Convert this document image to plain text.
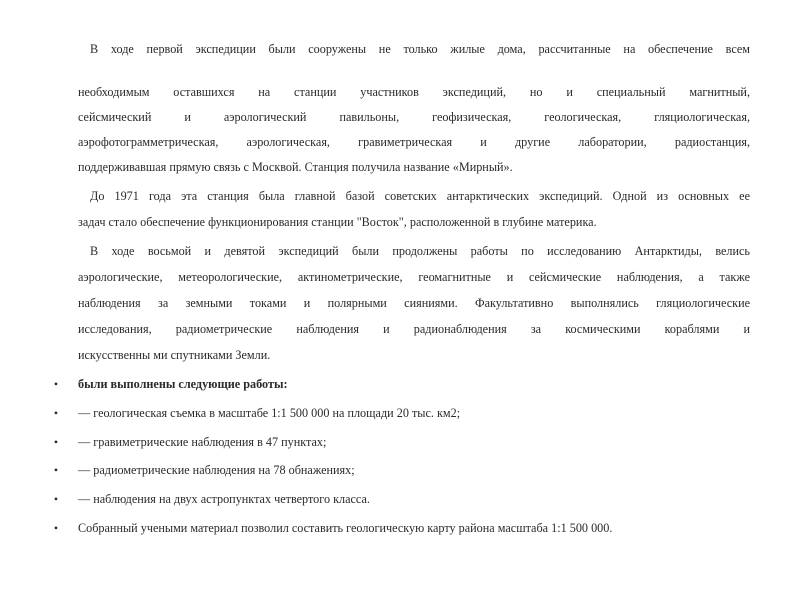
В ходе первой экспедиции были сооружены не только жилые дома, рассчитанные на обеспечение всем
необходимым оставшихся на станции участников экспедиций, но и специальный магнитный,
сейсмический и аэрологический павильоны, геофизическая, геологическая, гляциологическая,
аэрофотограмметрическая, аэрологическая, гравиметрическая и другие лаборатории, радиостанция,
поддерживавшая прямую связь с Москвой. Станция получила название «Мирный».
До 1971 года эта станция была главной базой советских антарктических экспедиций. Одной из основных ее
задач стало обеспечение функционирования станции "Восток", расположенной в глубине материка.
В ходе восьмой и девятой экспедиций были продолжены работы по исследованию Антарктиды, велись
аэрологические, метеорологические, актинометрические, геомагнитные и сейсмические наблюдения, а также
наблюдения за земными токами и полярными сияниями. Факультативно выполнялись гляциологические
исследования, радиометрические наблюдения и радионаблюдения за космическими кораблями и
искусственны ми спутниками Земли.
•	были выполнены следующие работы:
•	— геологическая съемка в масштабе 1:1 500 000 на площади 20 тыс. км2;
•	— гравиметрические наблюдения в 47 пунктах;
•	— радиометрические наблюдения на 78 обнажениях;
•	— наблюдения на двух астропунктах четвертого класса.
•	Собранный учеными материал позволил составить геологическую карту района масштаба 1:1 500 000.
